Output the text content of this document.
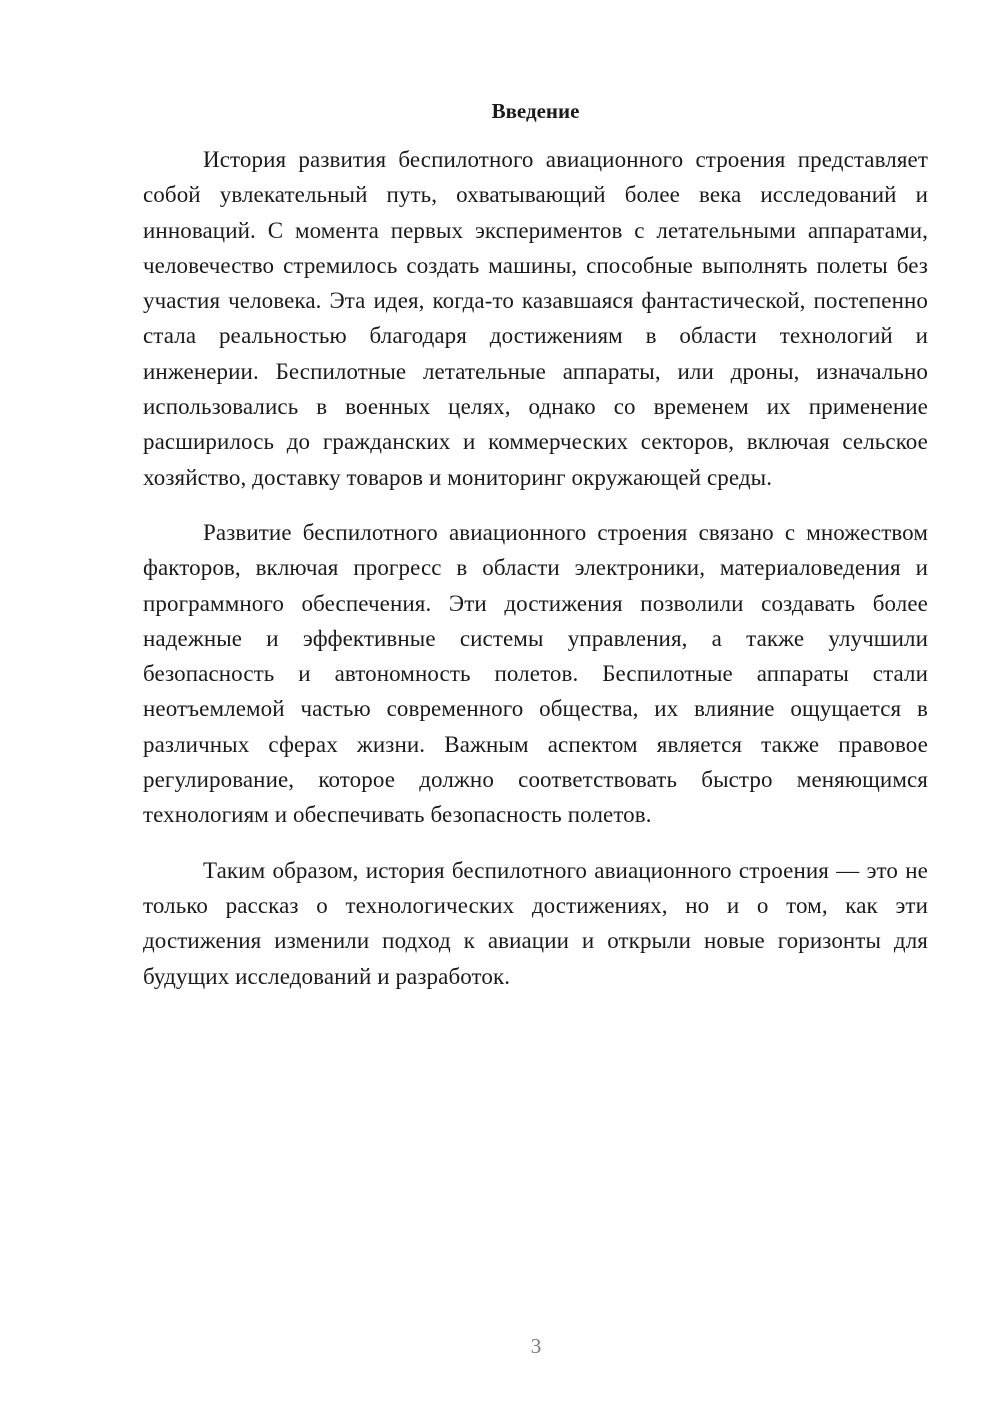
Введение

История развития беспилотного авиационного строения представляет собой увлекательный путь, охватывающий более века исследований и инноваций. С момента первых экспериментов с летательными аппаратами, человечество стремилось создать машины, способные выполнять полеты без участия человека. Эта идея, когда-то казавшаяся фантастической, постепенно стала реальностью благодаря достижениям в области технологий и инженерии. Беспилотные летательные аппараты, или дроны, изначально использовались в военных целях, однако со временем их применение расширилось до гражданских и коммерческих секторов, включая сельское хозяйство, доставку товаров и мониторинг окружающей среды.

Развитие беспилотного авиационного строения связано с множеством факторов, включая прогресс в области электроники, материаловедения и программного обеспечения. Эти достижения позволили создавать более надежные и эффективные системы управления, а также улучшили безопасность и автономность полетов. Беспилотные аппараты стали неотъемлемой частью современного общества, их влияние ощущается в различных сферах жизни. Важным аспектом является также правовое регулирование, которое должно соответствовать быстро меняющимся технологиям и обеспечивать безопасность полетов.

Таким образом, история беспилотного авиационного строения — это не только рассказ о технологических достижениях, но и о том, как эти достижения изменили подход к авиации и открыли новые горизонты для будущих исследований и разработок.

3
